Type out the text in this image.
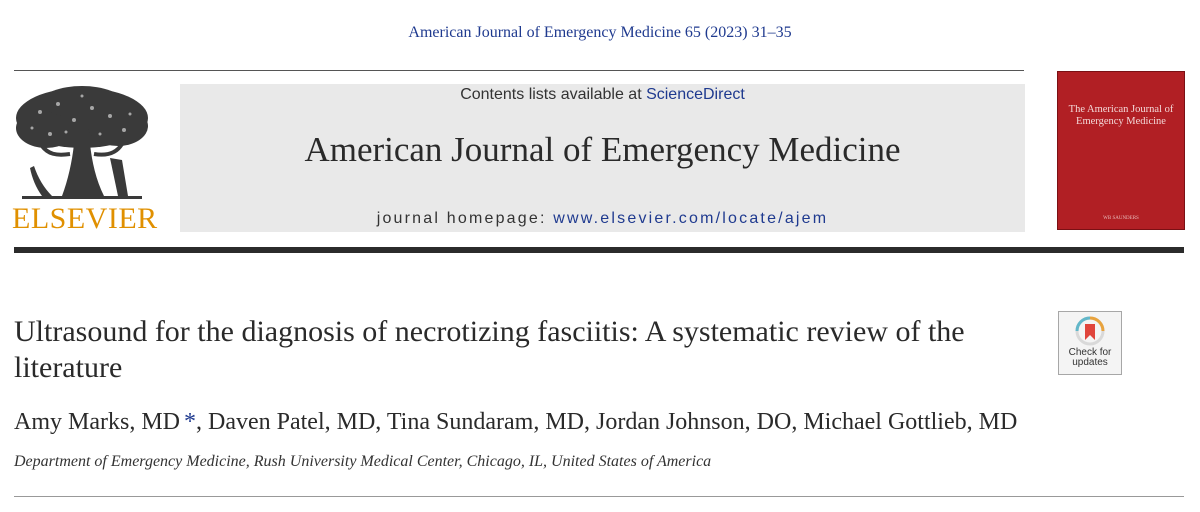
American Journal of Emergency Medicine 65 (2023) 31–35
ELSEVIER
Contents lists available at ScienceDirect
American Journal of Emergency Medicine
journal homepage: www.elsevier.com/locate/ajem
The American Journal of Emergency Medicine
WB SAUNDERS
Ultrasound for the diagnosis of necrotizing fasciitis: A systematic review of the literature	Check for
updates
Amy Marks, MD *, Daven Patel, MD, Tina Sundaram, MD, Jordan Johnson, DO, Michael Gottlieb, MD
Department of Emergency Medicine, Rush University Medical Center, Chicago, IL, United States of America
